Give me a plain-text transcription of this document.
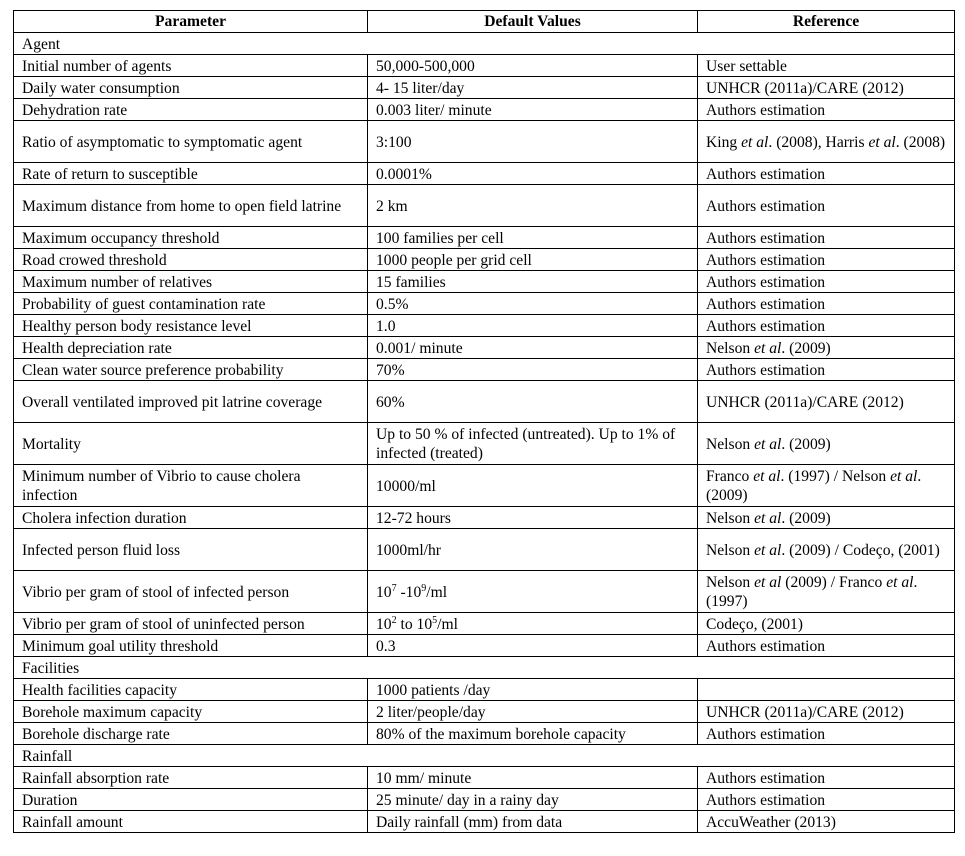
Parameter	Default Values	Reference
Agent		
Initial number of agents	50,000-500,000	User settable
Daily water consumption	4- 15 liter/day	UNHCR (2011a)/CARE (2012)
Dehydration rate	0.003 liter/ minute	Authors estimation
Ratio of asymptomatic to symptomatic agent	3:100	King et al. (2008), Harris et al. (2008)
Rate of return to susceptible	0.0001%	Authors estimation
Maximum distance from home to open field latrine	2 km	Authors estimation
Maximum occupancy threshold	100 families per cell	Authors estimation
Road crowed threshold	1000 people per grid cell	Authors estimation
Maximum number of relatives	15 families	Authors estimation
Probability of guest contamination rate	0.5%	Authors estimation
Healthy person body resistance level	1.0	Authors estimation
Health depreciation rate	0.001/ minute	Nelson et al. (2009)
Clean water source preference probability	70%	Authors estimation
Overall ventilated improved pit latrine coverage	60%	UNHCR (2011a)/CARE (2012)
Mortality	Up to 50 % of infected (untreated). Up to 1% of infected (treated)	Nelson et al. (2009)
Minimum number of Vibrio to cause cholera infection	10000/ml	Franco et al. (1997) / Nelson et al. (2009)
Cholera infection duration	12-72 hours	Nelson et al. (2009)
Infected person fluid loss	1000ml/hr	Nelson et al. (2009) / Codeço, (2001)
Vibrio per gram of stool of infected person	$10^7$ $-10^9/ml$	Nelson et al (2009) / Franco et al. (1997)
Vibrio per gram of stool of uninfected person	$10^2$ to $10^5/ml$	Codeço, (2001)
Minimum goal utility threshold	0.3	Authors estimation
Facilities		
Health facilities capacity	1000 patients /day	
Borehole maximum capacity	2 liter/people/day	UNHCR (2011a)/CARE (2012)
Borehole discharge rate	80% of the maximum borehole capacity	Authors estimation
Rainfall		
Rainfall absorption rate	10 mm/ minute	Authors estimation
Duration	25 minute/ day in a rainy day	Authors estimation
Rainfall amount	Daily rainfall (mm) from data	AccuWeather (2013)
